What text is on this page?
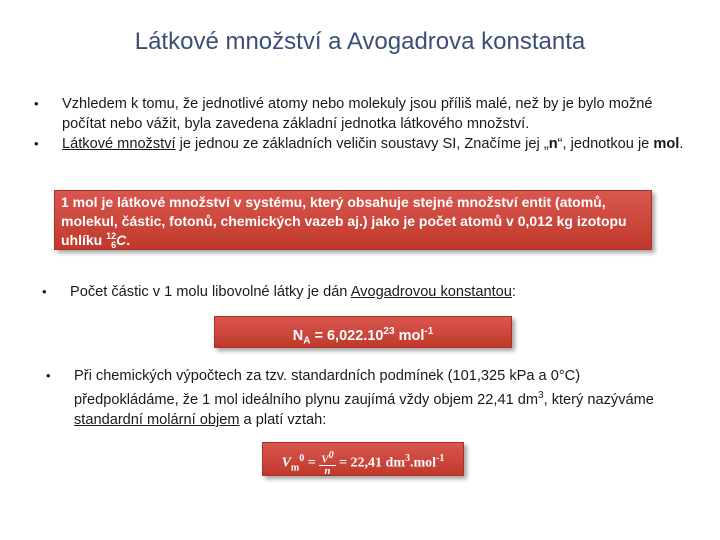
Látkové množství a Avogadrova konstanta
• Vzhledem k tomu, že jednotlivé atomy nebo molekuly jsou příliš malé, než by je bylo možné počítat nebo vážit, byla zavedena základní jednotka látkového množství.
• Látkové množství je jednou ze základních veličin soustavy SI, Značíme jej „n“, jednotkou je mol.
1 mol je látkové množství v systému, který obsahuje stejné množství entit (atomů, molekul, částic, fotonů, chemických vazeb aj.) jako je počet atomů v 0,012 kg izotopu uhlíku 12
6 C.
• Počet částic v 1 molu libovolné látky je dán Avogadrovou konstantou:
$N_A = 6,022.10^{23}$ mol$^{-1}$
• Při chemických výpočtech za tzv. standardních podmínek (101,325 kPa a 0°C) předpokládáme, že 1 mol ideálního plynu zaujímá vždy objem 22,41 $dm^3$, který nazýváme standardní molární objem a platí vztah:
$V_m^0 = \frac{V^0}{n} = 22,41$ $dm^3.mol^{-1}$
